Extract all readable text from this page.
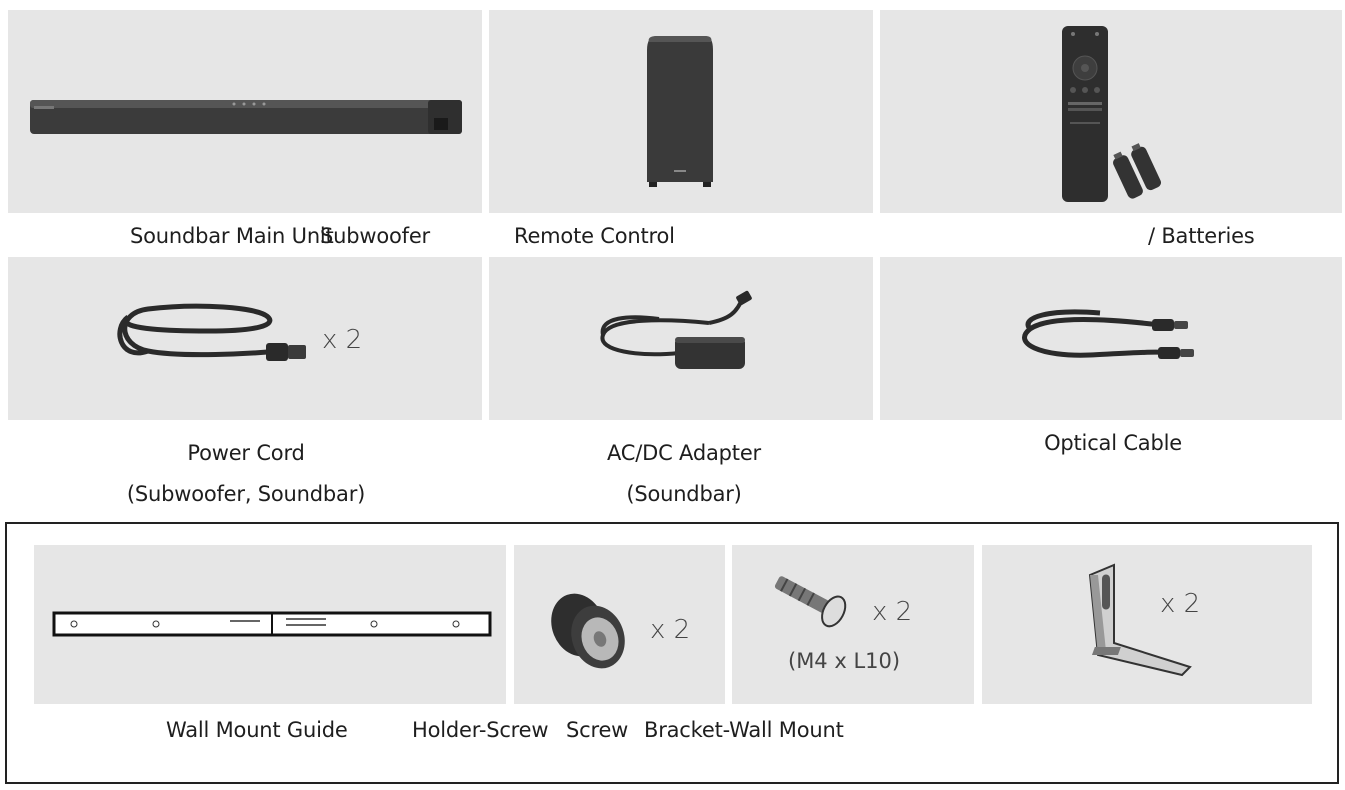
Soundbar Main Unit
Subwoofer	Remote Control	/ Batteries
x 2
Power Cord
(Subwoofer, Soundbar)
AC/DC Adapter
(Soundbar)
Optical Cable
x 2
x 2
(M4 x L10)
x 2
Wall Mount Guide	Holder-Screw Screw Bracket-Wall Mount
